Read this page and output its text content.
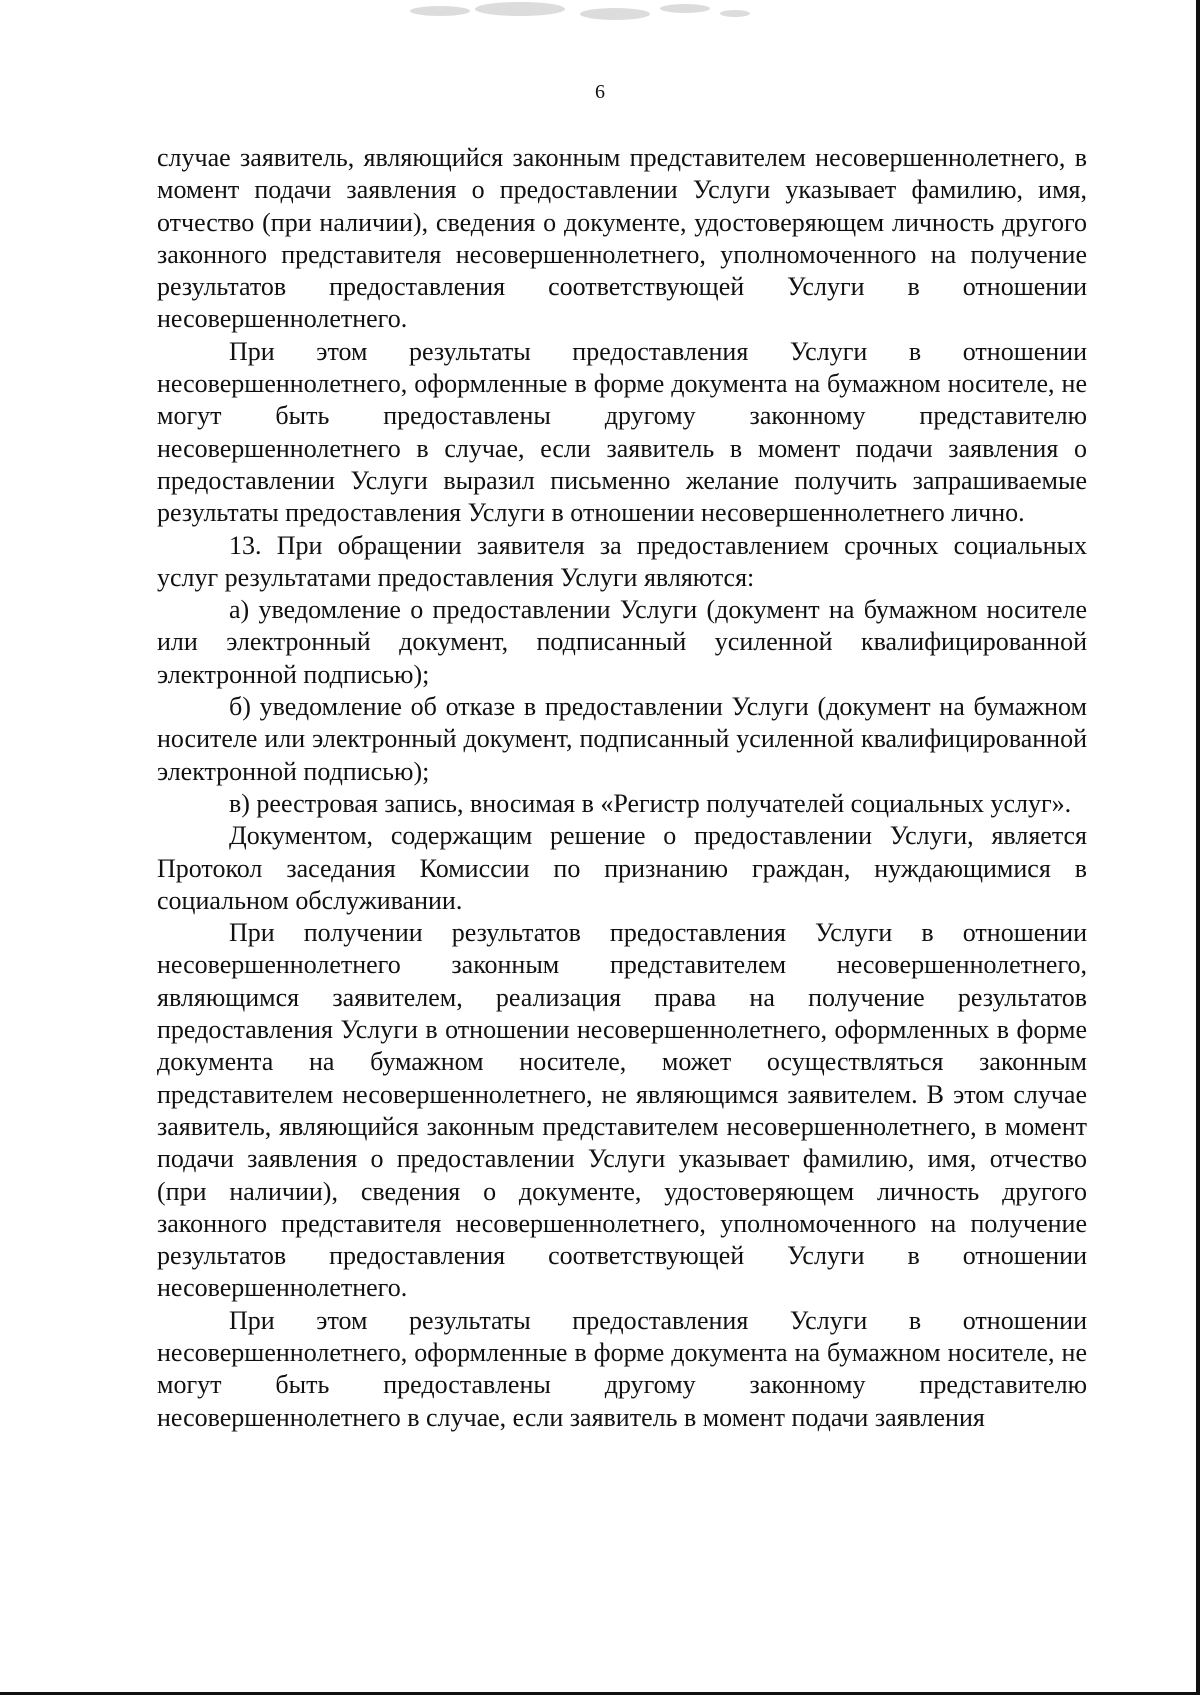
6

случае заявитель, являющийся законным представителем несовершеннолетнего, в момент подачи заявления о предоставлении Услуги указывает фамилию, имя, отчество (при наличии), сведения о документе, удостоверяющем личность другого законного представителя несовершеннолетнего, уполномоченного на получение результатов предоставления соответствующей Услуги в отношении несовершеннолетнего.

При этом результаты предоставления Услуги в отношении несовершеннолетнего, оформленные в форме документа на бумажном носителе, не могут быть предоставлены другому законному представителю несовершеннолетнего в случае, если заявитель в момент подачи заявления о предоставлении Услуги выразил письменно желание получить запрашиваемые результаты предоставления Услуги в отношении несовершеннолетнего лично.

13. При обращении заявителя за предоставлением срочных социальных услуг результатами предоставления Услуги являются:

а) уведомление о предоставлении Услуги (документ на бумажном носителе или электронный документ, подписанный усиленной квалифицированной электронной подписью);

б) уведомление об отказе в предоставлении Услуги (документ на бумажном носителе или электронный документ, подписанный усиленной квалифицированной электронной подписью);

в) реестровая запись, вносимая в «Регистр получателей социальных услуг».

Документом, содержащим решение о предоставлении Услуги, является Протокол заседания Комиссии по признанию граждан, нуждающимися в социальном обслуживании.

При получении результатов предоставления Услуги в отношении несовершеннолетнего законным представителем несовершеннолетнего, являющимся заявителем, реализация права на получение результатов предоставления Услуги в отношении несовершеннолетнего, оформленных в форме документа на бумажном носителе, может осуществляться законным представителем несовершеннолетнего, не являющимся заявителем. В этом случае заявитель, являющийся законным представителем несовершеннолетнего, в момент подачи заявления о предоставлении Услуги указывает фамилию, имя, отчество (при наличии), сведения о документе, удостоверяющем личность другого законного представителя несовершеннолетнего, уполномоченного на получение результатов предоставления соответствующей Услуги в отношении несовершеннолетнего.

При этом результаты предоставления Услуги в отношении несовершеннолетнего, оформленные в форме документа на бумажном носителе, не могут быть предоставлены другому законному представителю несовершеннолетнего в случае, если заявитель в момент подачи заявления
